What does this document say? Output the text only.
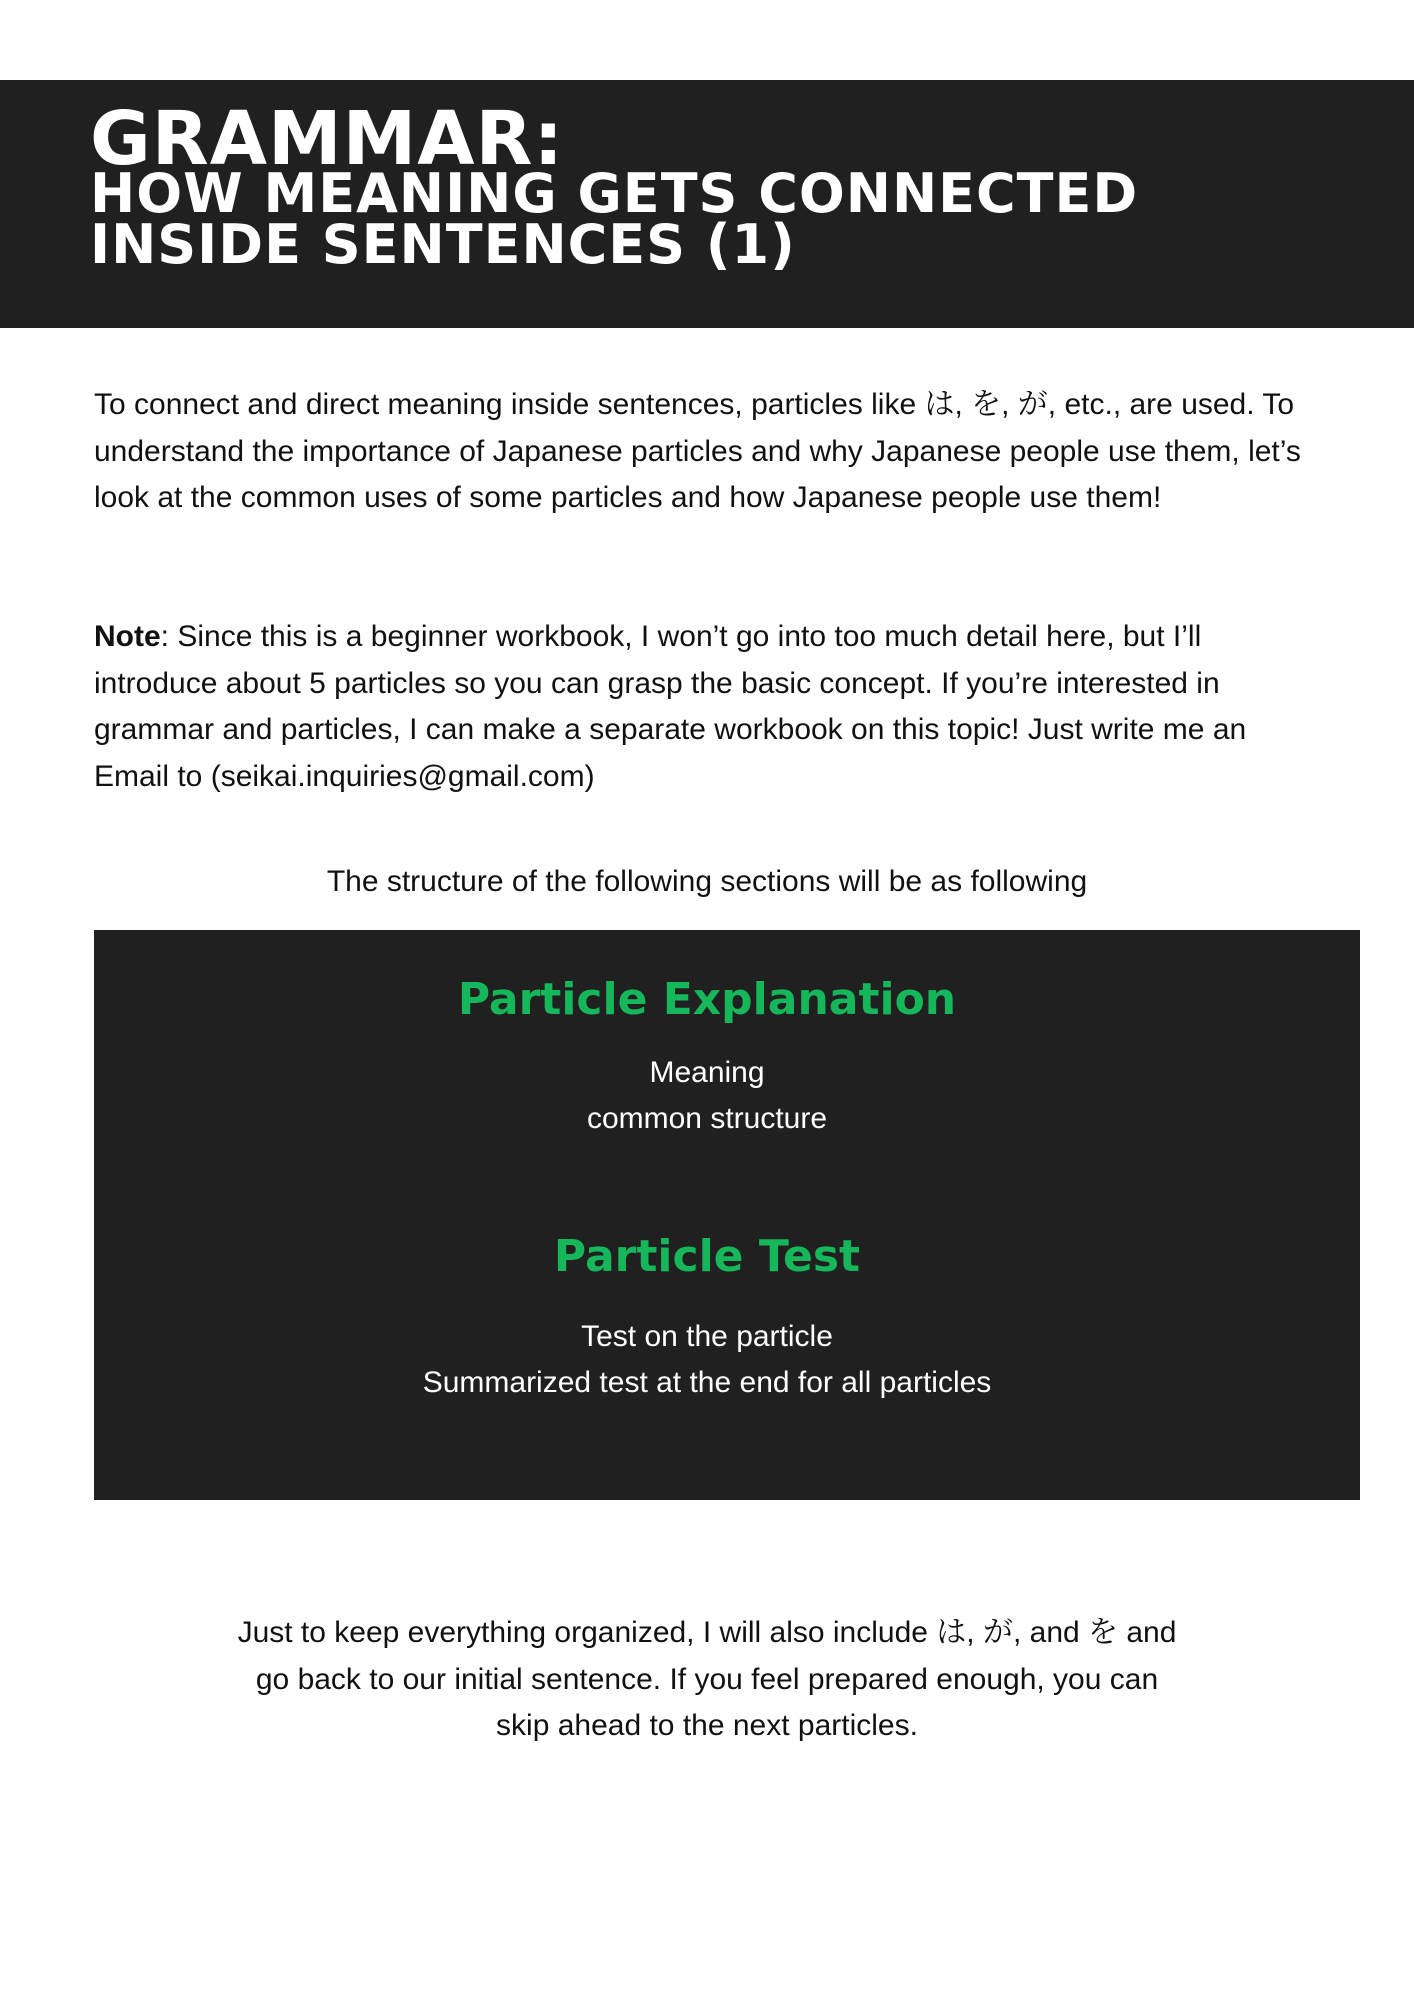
GRAMMAR:
HOW MEANING GETS CONNECTED INSIDE SENTENCES (1)

To connect and direct meaning inside sentences, particles like は, を, が, etc., are used. To understand the importance of Japanese particles and why Japanese people use them, let’s look at the common uses of some particles and how Japanese people use them!

Note: Since this is a beginner workbook, I won’t go into too much detail here, but I’ll introduce about 5 particles so you can grasp the basic concept. If you’re interested in grammar and particles, I can make a separate workbook on this topic! Just write me an Email to (seikai.inquiries@gmail.com)

The structure of the following sections will be as following

Particle Explanation

Meaning
common structure

Particle Test

Test on the particle
Summarized test at the end for all particles

Just to keep everything organized, I will also include は, が, and を and
go back to our initial sentence. If you feel prepared enough, you can
skip ahead to the next particles.
